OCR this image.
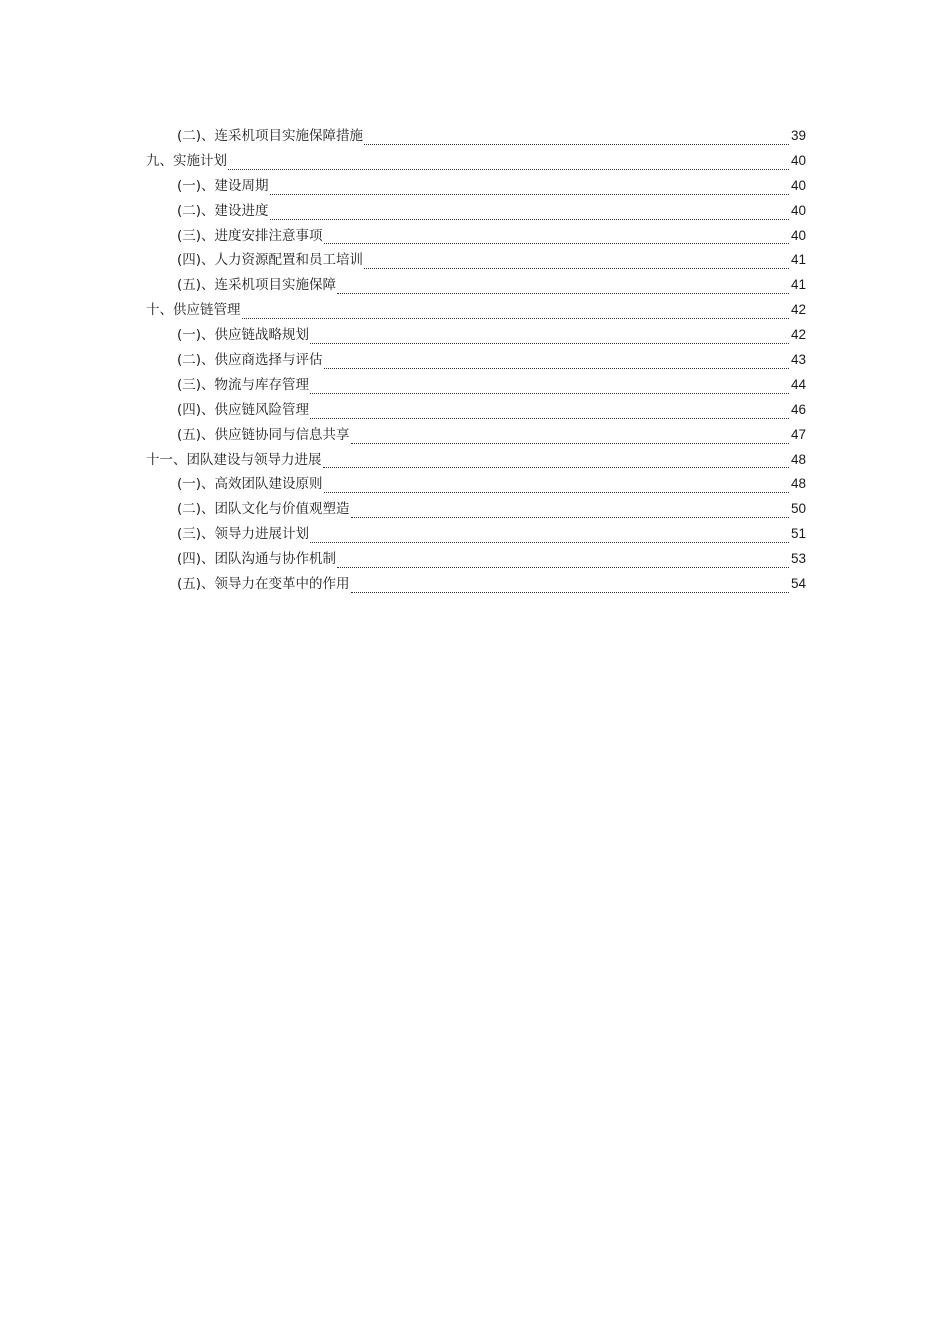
(二)、连采机项目实施保障措施	39
九、实施计划	40
(一)、建设周期	40
(二)、建设进度	40
(三)、进度安排注意事项	40
(四)、人力资源配置和员工培训	41
(五)、连采机项目实施保障	41
十、供应链管理	42
(一)、供应链战略规划	42
(二)、供应商选择与评估	43
(三)、物流与库存管理	44
(四)、供应链风险管理	46
(五)、供应链协同与信息共享	47
十一、团队建设与领导力进展	48
(一)、高效团队建设原则	48
(二)、团队文化与价值观塑造	50
(三)、领导力进展计划	51
(四)、团队沟通与协作机制	53
(五)、领导力在变革中的作用	54
